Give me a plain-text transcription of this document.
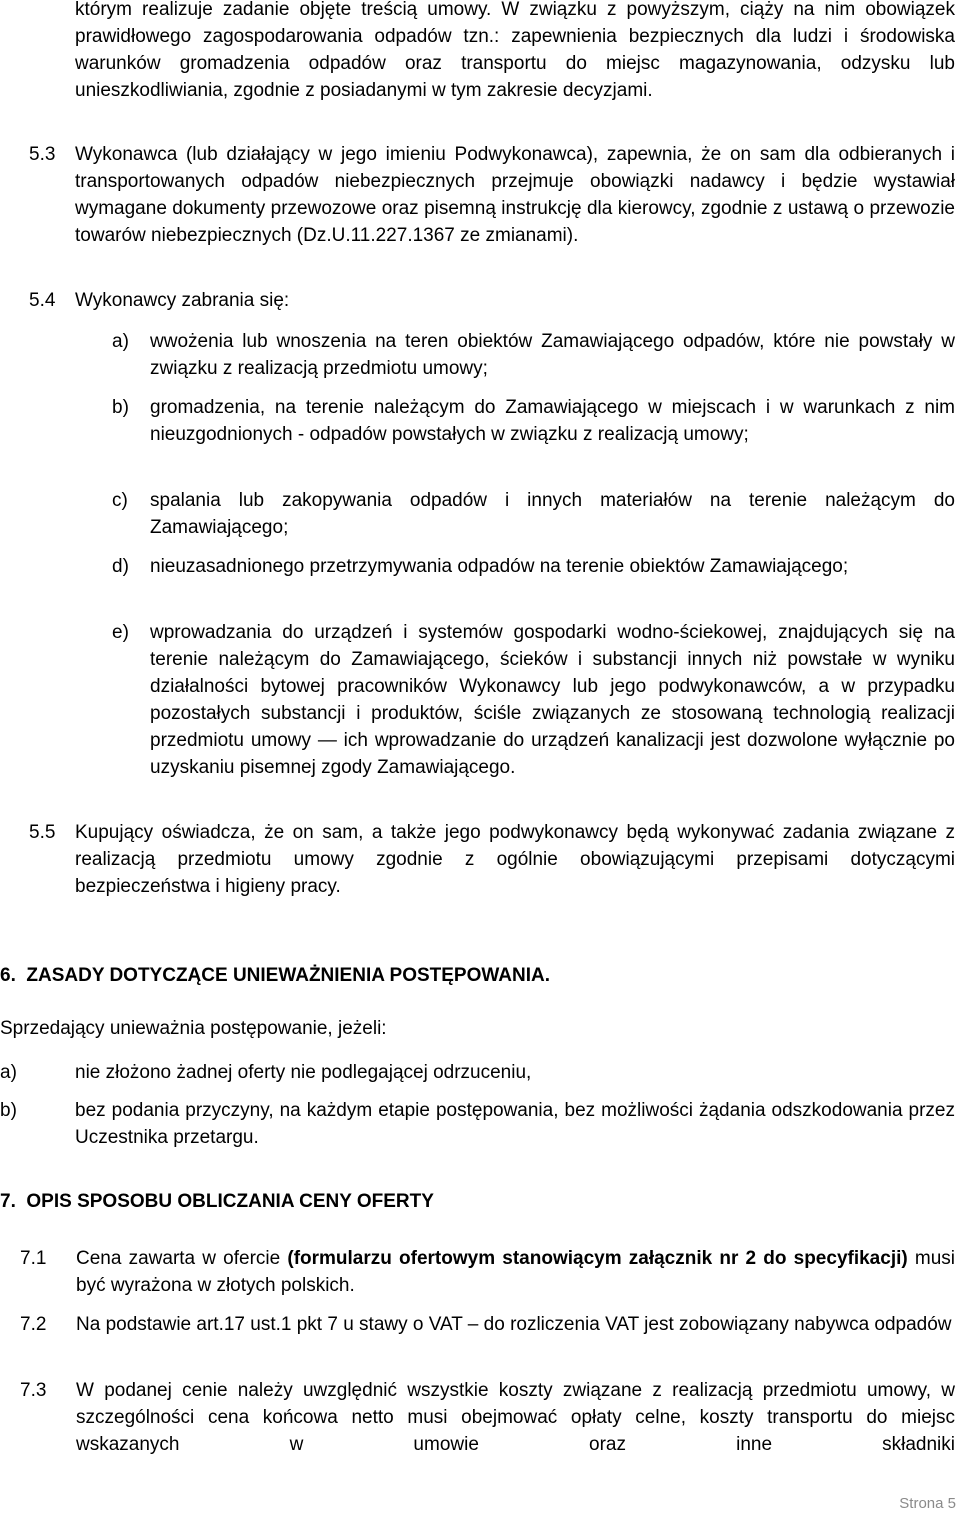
którym realizuje zadanie objęte treścią umowy. W związku z powyższym, ciąży na nim obowiązek prawidłowego zagospodarowania odpadów tzn.: zapewnienia bezpiecznych dla ludzi i środowiska warunków gromadzenia odpadów oraz transportu do miejsc magazynowania, odzysku lub unieszkodliwiania, zgodnie z posiadanymi w tym zakresie decyzjami.
5.3	Wykonawca (lub działający w jego imieniu Podwykonawca), zapewnia, że on sam dla odbieranych i transportowanych odpadów niebezpiecznych przejmuje obowiązki nadawcy i będzie wystawiał wymagane dokumenty przewozowe oraz pisemną instrukcję dla kierowcy, zgodnie z ustawą o przewozie towarów niebezpiecznych (Dz.U.11.227.1367 ze zmianami).
5.4	Wykonawcy zabrania się:
a)	wwożenia lub wnoszenia na teren obiektów Zamawiającego odpadów, które nie powstały w związku z realizacją przedmiotu umowy;
b)	gromadzenia, na terenie należącym do Zamawiającego w miejscach i w warunkach z nim nieuzgodnionych - odpadów powstałych w związku z realizacją umowy;
c)	spalania lub zakopywania odpadów i innych materiałów na terenie należącym do Zamawiającego;
d)	nieuzasadnionego przetrzymywania odpadów na terenie obiektów Zamawiającego;
e)	wprowadzania do urządzeń i systemów gospodarki wodno-ściekowej, znajdujących się na terenie należącym do Zamawiającego, ścieków i substancji innych niż powstałe w wyniku działalności bytowej pracowników Wykonawcy lub jego podwykonawców, a w przypadku pozostałych substancji i produktów, ściśle związanych ze stosowaną technologią realizacji przedmiotu umowy — ich wprowadzanie do urządzeń kanalizacji jest dozwolone wyłącznie po uzyskaniu pisemnej zgody Zamawiającego.
5.5	Kupujący oświadcza, że on sam, a także jego podwykonawcy będą wykonywać zadania związane z realizacją przedmiotu umowy zgodnie z ogólnie obowiązującymi przepisami dotyczącymi bezpieczeństwa i higieny pracy.
6.  ZASADY DOTYCZĄCE UNIEWAŻNIENIA POSTĘPOWANIA.
Sprzedający unieważnia postępowanie, jeżeli:
a)	nie złożono żadnej oferty nie podlegającej odrzuceniu,
b)	bez podania przyczyny, na każdym etapie postępowania, bez możliwości żądania odszkodowania przez Uczestnika przetargu.
7.  OPIS SPOSOBU OBLICZANIA CENY OFERTY
7.1	Cena zawarta w ofercie (formularzu ofertowym stanowiącym załącznik nr 2 do specyfikacji) musi być wyrażona w złotych polskich.
7.2	Na podstawie art.17 ust.1 pkt 7 u stawy o VAT – do rozliczenia VAT jest zobowiązany nabywca odpadów
7.3	W podanej cenie należy uwzględnić wszystkie koszty związane z realizacją przedmiotu umowy, w szczególności cena końcowa netto musi obejmować opłaty celne, koszty transportu do miejsc wskazanych w umowie oraz inne składniki
Strona 5
